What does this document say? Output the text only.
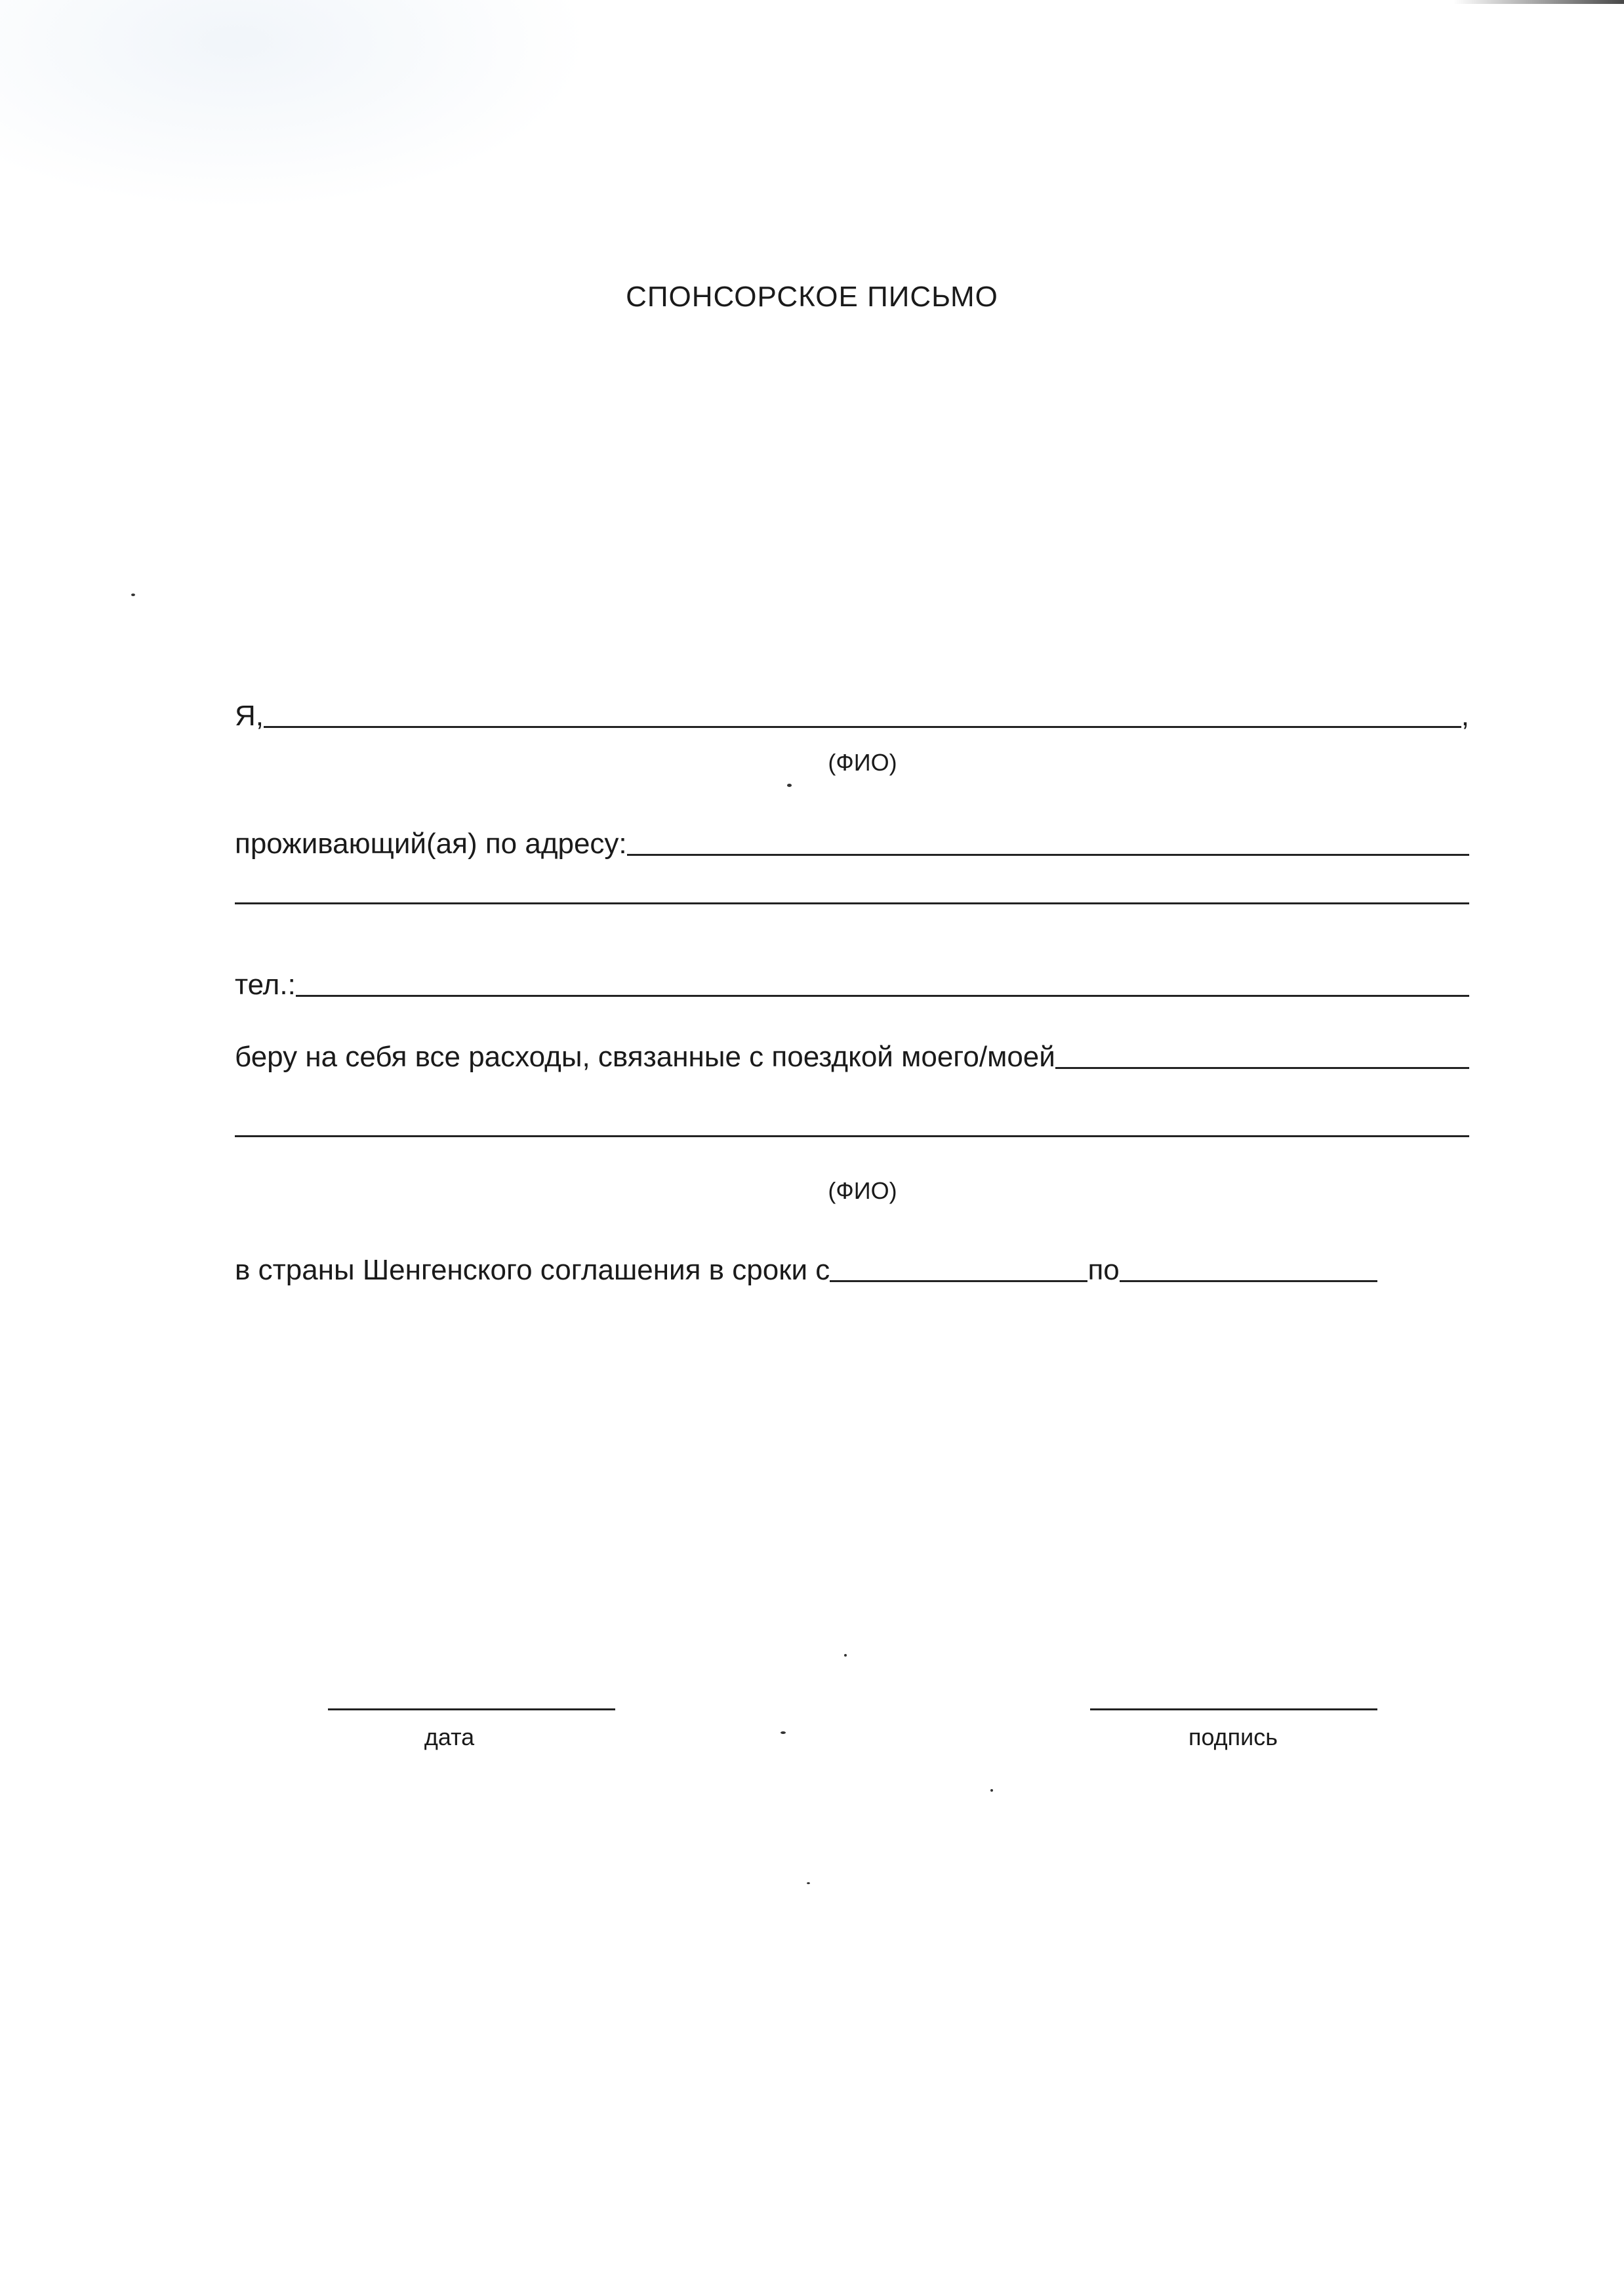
СПОНСОРСКОЕ ПИСЬМО
Я,	,
(ФИО)
проживающий(ая) по адресу:
тел.:
беру на себя все расходы, связанные с поездкой моего/моей
(ФИО)
в страны Шенгенского соглашения в сроки с	по
дата	подпись
